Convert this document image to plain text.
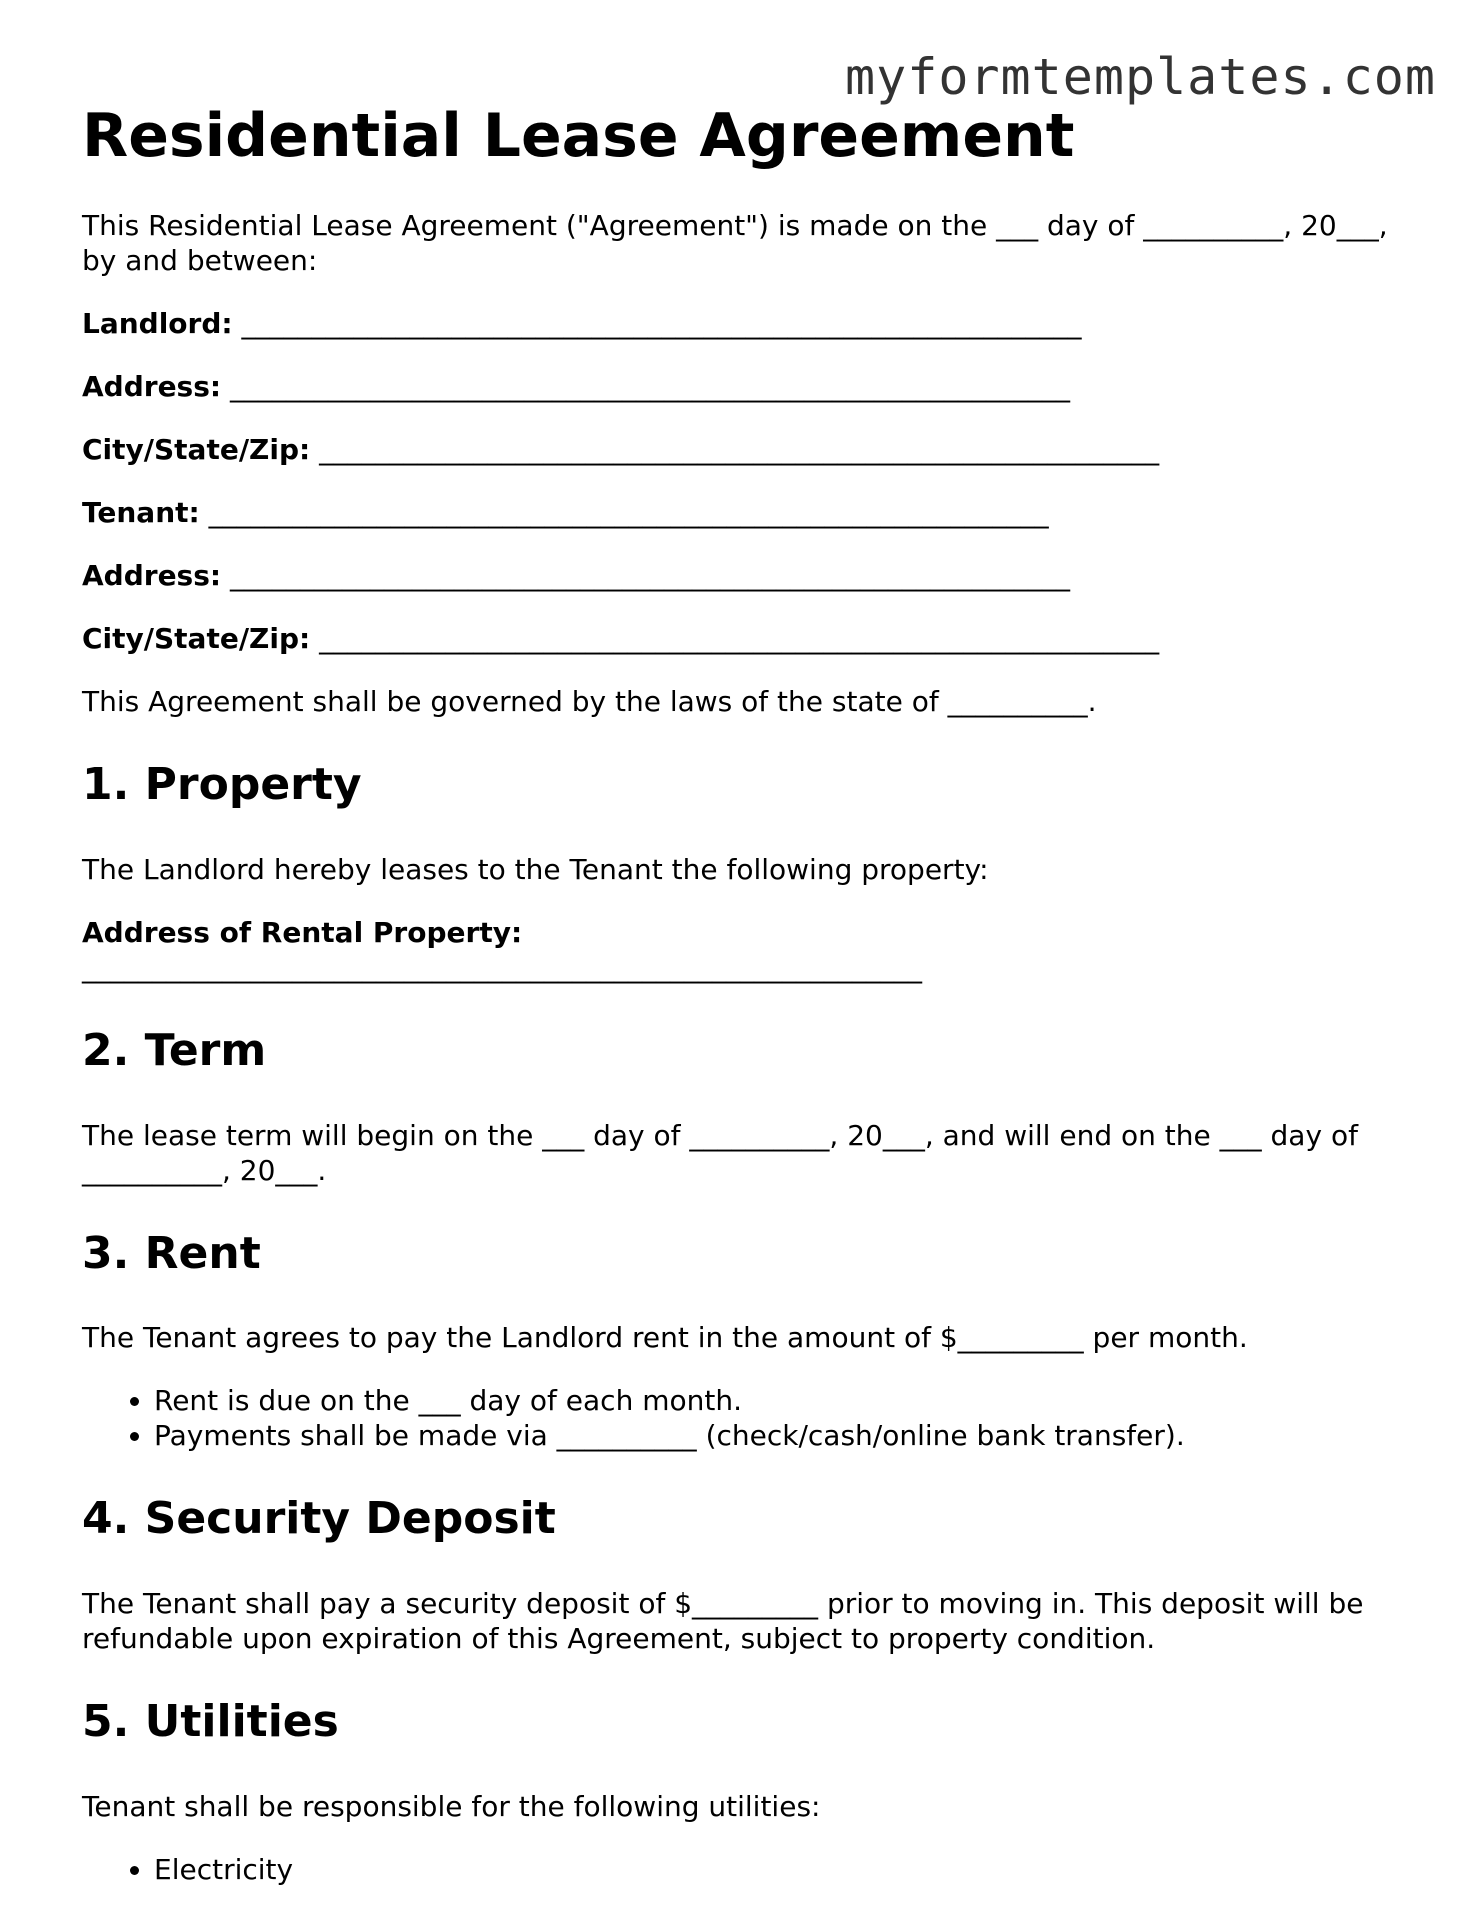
myformtemplates.com
Residential Lease Agreement

This Residential Lease Agreement ("Agreement") is made on the ___ day of __________, 20___, by and between:

Landlord: ____________________________________________________________
Address: ____________________________________________________________
City/State/Zip: ____________________________________________________________
Tenant: ____________________________________________________________
Address: ____________________________________________________________
City/State/Zip: ____________________________________________________________

This Agreement shall be governed by the laws of the state of __________.

1. Property

The Landlord hereby leases to the Tenant the following property:

Address of Rental Property:
____________________________________________________________
2. Term

The lease term will begin on the ___ day of __________, 20___, and will end on the ___ day of __________, 20___.

3. Rent

The Tenant agrees to pay the Landlord rent in the amount of $_________ per month.

• Rent is due on the ___ day of each month.
• Payments shall be made via __________ (check/cash/online bank transfer).
4. Security Deposit

The Tenant shall pay a security deposit of $_________ prior to moving in. This deposit will be refundable upon expiration of this Agreement, subject to property condition.

5. Utilities

Tenant shall be responsible for the following utilities:

• Electricity
